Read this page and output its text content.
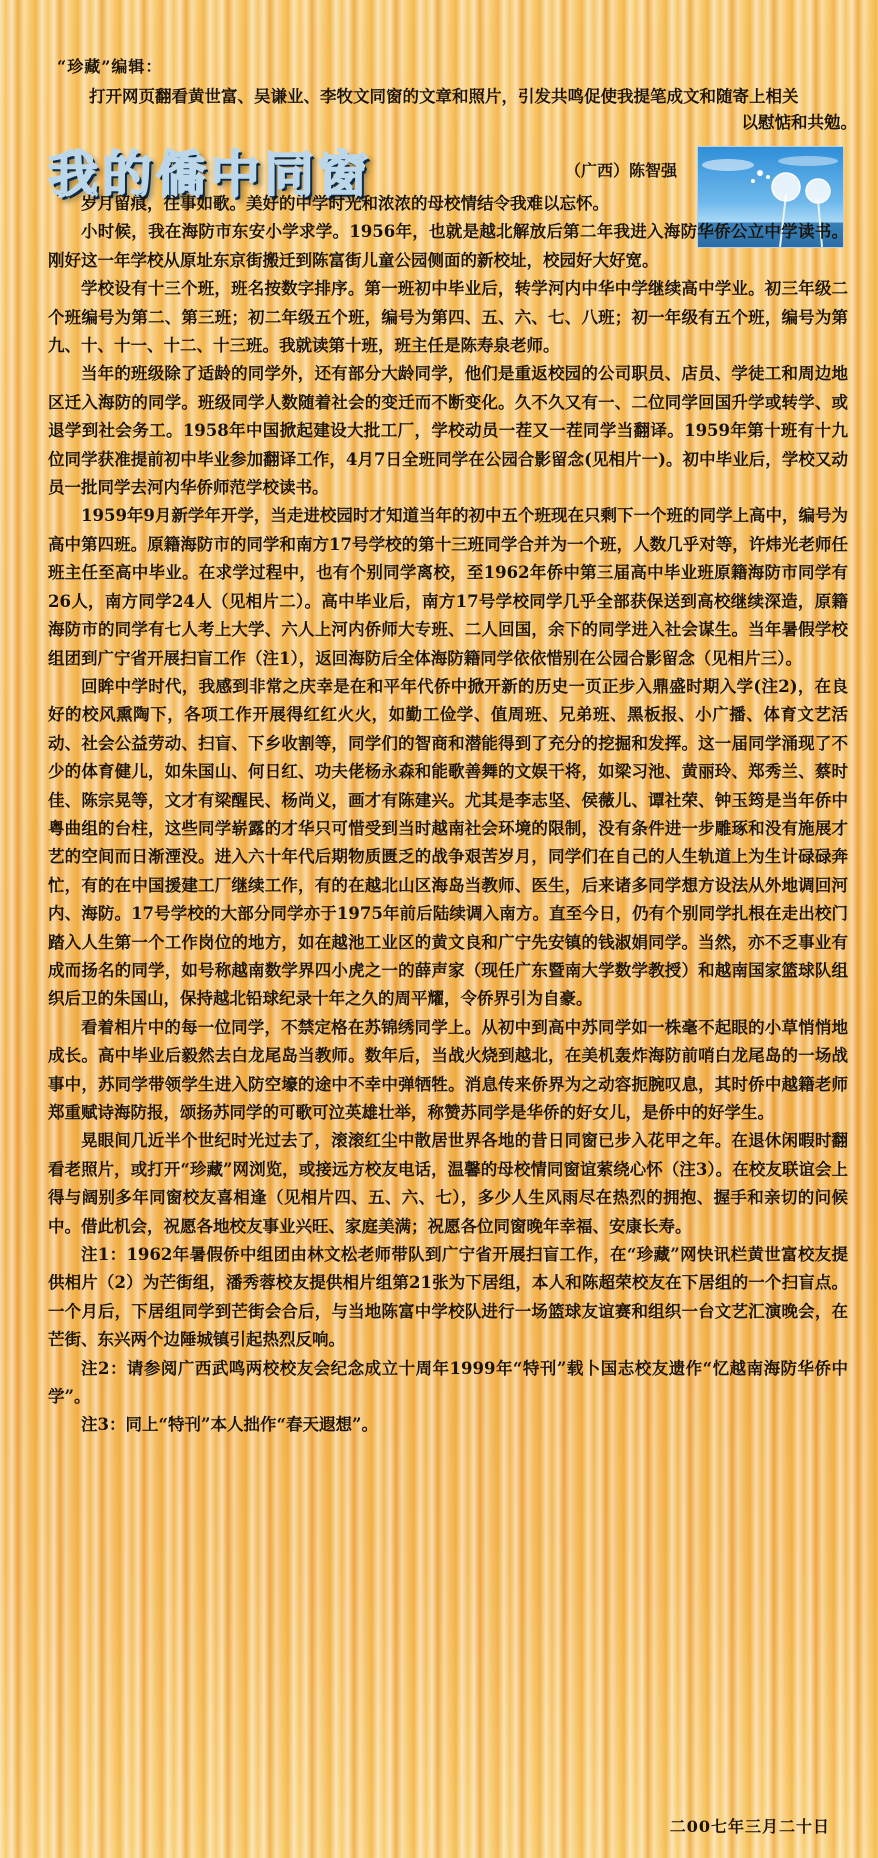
“珍藏”编辑：
打开网页翻看黄世富、吴谦业、李牧文同窗的文章和照片，引发共鸣促使我提笔成文和随寄上相关
以慰惦和共勉。
我的僑中同窗	（广西）陈智强

岁月留痕，往事如歌。美好的中学时光和浓浓的母校情结令我难以忘怀。

小时候，我在海防市东安小学求学。1956年，也就是越北解放后第二年我进入海防华侨公立中学读书。刚好这一年学校从原址东京街搬迁到陈富街儿童公园侧面的新校址，校园好大好宽。

学校设有十三个班，班名按数字排序。第一班初中毕业后，转学河内中华中学继续高中学业。初三年级二个班编号为第二、第三班；初二年级五个班，编号为第四、五、六、七、八班；初一年级有五个班，编号为第九、十、十一、十二、十三班。我就读第十班，班主任是陈寿泉老师。

当年的班级除了适龄的同学外，还有部分大龄同学，他们是重返校园的公司职员、店员、学徒工和周边地区迁入海防的同学。班级同学人数随着社会的变迁而不断变化。久不久又有一、二位同学回国升学或转学、或退学到社会务工。1958年中国掀起建设大批工厂，学校动员一茬又一茬同学当翻译。1959年第十班有十九位同学获准提前初中毕业参加翻译工作，4月7日全班同学在公园合影留念(见相片一)。初中毕业后，学校又动员一批同学去河内华侨师范学校读书。

1959年9月新学年开学，当走进校园时才知道当年的初中五个班现在只剩下一个班的同学上高中，编号为高中第四班。原籍海防市的同学和南方17号学校的第十三班同学合并为一个班，人数几乎对等，许炜光老师任班主任至高中毕业。在求学过程中，也有个别同学离校，至1962年侨中第三届高中毕业班原籍海防市同学有26人，南方同学24人（见相片二）。高中毕业后，南方17号学校同学几乎全部获保送到高校继续深造，原籍海防市的同学有七人考上大学、六人上河内侨师大专班、二人回国，余下的同学进入社会谋生。当年暑假学校组团到广宁省开展扫盲工作（注1），返回海防后全体海防籍同学依依惜别在公园合影留念（见相片三）。

回眸中学时代，我感到非常之庆幸是在和平年代侨中掀开新的历史一页正步入鼎盛时期入学(注2)，在良好的校风熏陶下，各项工作开展得红红火火，如勤工俭学、值周班、兄弟班、黑板报、小广播、体育文艺活动、社会公益劳动、扫盲、下乡收割等，同学们的智商和潜能得到了充分的挖掘和发挥。这一届同学涌现了不少的体育健儿，如朱国山、何日红、功夫佬杨永森和能歌善舞的文娱干将，如梁习池、黄丽玲、郑秀兰、蔡时佳、陈宗晃等，文才有梁醒民、杨尚义，画才有陈建兴。尤其是李志坚、侯薇儿、谭社荣、钟玉筠是当年侨中粤曲组的台柱，这些同学崭露的才华只可惜受到当时越南社会环境的限制，没有条件进一步雕琢和没有施展才艺的空间而日渐湮没。进入六十年代后期物质匮乏的战争艰苦岁月，同学们在自己的人生轨道上为生计碌碌奔忙，有的在中国援建工厂继续工作，有的在越北山区海岛当教师、医生，后来诸多同学想方设法从外地调回河内、海防。17号学校的大部分同学亦于1975年前后陆续调入南方。直至今日，仍有个别同学扎根在走出校门踏入人生第一个工作岗位的地方，如在越池工业区的黄文良和广宁先安镇的钱淑娟同学。当然，亦不乏事业有成而扬名的同学，如号称越南数学界四小虎之一的薛声家（现任广东暨南大学数学教授）和越南国家篮球队组织后卫的朱国山，保持越北铅球纪录十年之久的周平耀，令侨界引为自豪。

看着相片中的每一位同学，不禁定格在苏锦绣同学上。从初中到高中苏同学如一株毫不起眼的小草悄悄地成长。高中毕业后毅然去白龙尾岛当教师。数年后，当战火烧到越北，在美机轰炸海防前哨白龙尾岛的一场战事中，苏同学带领学生进入防空壕的途中不幸中弹牺牲。消息传来侨界为之动容扼腕叹息，其时侨中越籍老师郑重赋诗海防报，颂扬苏同学的可歌可泣英雄壮举，称赞苏同学是华侨的好女儿，是侨中的好学生。

晃眼间几近半个世纪时光过去了，滚滚红尘中散居世界各地的昔日同窗已步入花甲之年。在退休闲暇时翻看老照片，或打开“珍藏”网浏览，或接远方校友电话，温馨的母校情同窗谊萦绕心怀（注3）。在校友联谊会上得与阔别多年同窗校友喜相逢（见相片四、五、六、七），多少人生风雨尽在热烈的拥抱、握手和亲切的问候中。借此机会，祝愿各地校友事业兴旺、家庭美满；祝愿各位同窗晚年幸福、安康长寿。

注1：1962年暑假侨中组团由林文松老师带队到广宁省开展扫盲工作，在“珍藏”网快讯栏黄世富校友提供相片（2）为芒街组，潘秀蓉校友提供相片组第21张为下居组，本人和陈超荣校友在下居组的一个扫盲点。一个月后，下居组同学到芒街会合后，与当地陈富中学校队进行一场篮球友谊赛和组织一台文艺汇演晚会，在芒街、东兴两个边陲城镇引起热烈反响。

注2：请参阅广西武鸣两校校友会纪念成立十周年1999年“特刊”载卜国志校友遗作“忆越南海防华侨中学”。

注3：同上“特刊”本人拙作“春天遐想”。

二00七年三月二十日
